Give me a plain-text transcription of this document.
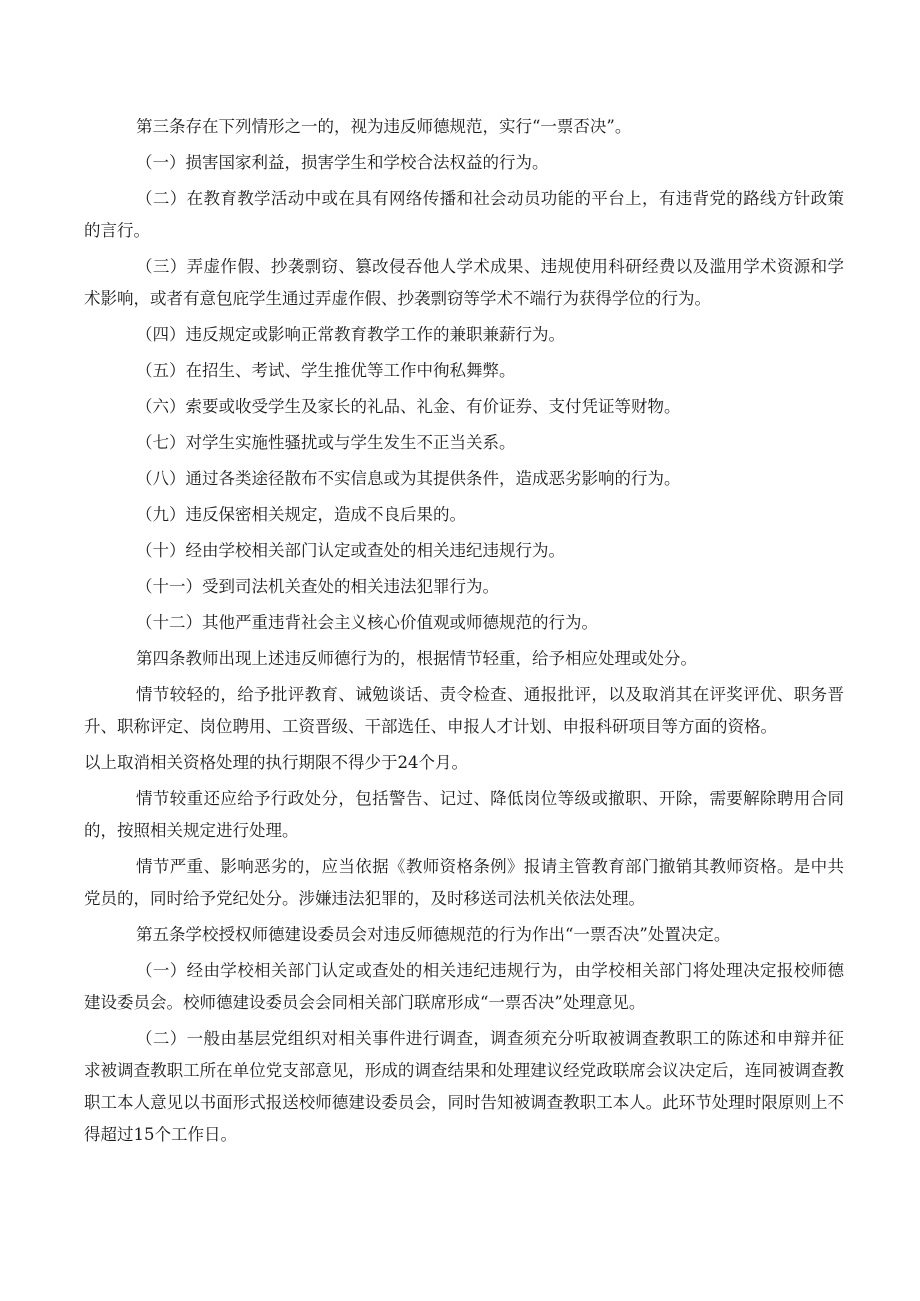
第三条存在下列情形之一的，视为违反师德规范，实行“一票否决”。

（一）损害国家利益，损害学生和学校合法权益的行为。

（二）在教育教学活动中或在具有网络传播和社会动员功能的平台上，有违背党的路线方针政策的言行。

（三）弄虚作假、抄袭剽窃、篡改侵吞他人学术成果、违规使用科研经费以及滥用学术资源和学术影响，或者有意包庇学生通过弄虚作假、抄袭剽窃等学术不端行为获得学位的行为。

（四）违反规定或影响正常教育教学工作的兼职兼薪行为。

（五）在招生、考试、学生推优等工作中徇私舞弊。

（六）索要或收受学生及家长的礼品、礼金、有价证券、支付凭证等财物。

（七）对学生实施性骚扰或与学生发生不正当关系。

（八）通过各类途径散布不实信息或为其提供条件，造成恶劣影响的行为。

（九）违反保密相关规定，造成不良后果的。

（十）经由学校相关部门认定或查处的相关违纪违规行为。

（十一）受到司法机关查处的相关违法犯罪行为。

（十二）其他严重违背社会主义核心价值观或师德规范的行为。

第四条教师出现上述违反师德行为的，根据情节轻重，给予相应处理或处分。

情节较轻的，给予批评教育、诫勉谈话、责令检查、通报批评，以及取消其在评奖评优、职务晋升、职称评定、岗位聘用、工资晋级、干部选任、申报人才计划、申报科研项目等方面的资格。

以上取消相关资格处理的执行期限不得少于24个月。

情节较重还应给予行政处分，包括警告、记过、降低岗位等级或撤职、开除，需要解除聘用合同的，按照相关规定进行处理。

情节严重、影响恶劣的，应当依据《教师资格条例》报请主管教育部门撤销其教师资格。是中共党员的，同时给予党纪处分。涉嫌违法犯罪的，及时移送司法机关依法处理。

第五条学校授权师德建设委员会对违反师德规范的行为作出“一票否决”处置决定。

（一）经由学校相关部门认定或查处的相关违纪违规行为，由学校相关部门将处理决定报校师德建设委员会。校师德建设委员会会同相关部门联席形成“一票否决”处理意见。

（二）一般由基层党组织对相关事件进行调查，调查须充分听取被调查教职工的陈述和申辩并征求被调查教职工所在单位党支部意见，形成的调查结果和处理建议经党政联席会议决定后，连同被调查教职工本人意见以书面形式报送校师德建设委员会，同时告知被调查教职工本人。此环节处理时限原则上不得超过15个工作日。
